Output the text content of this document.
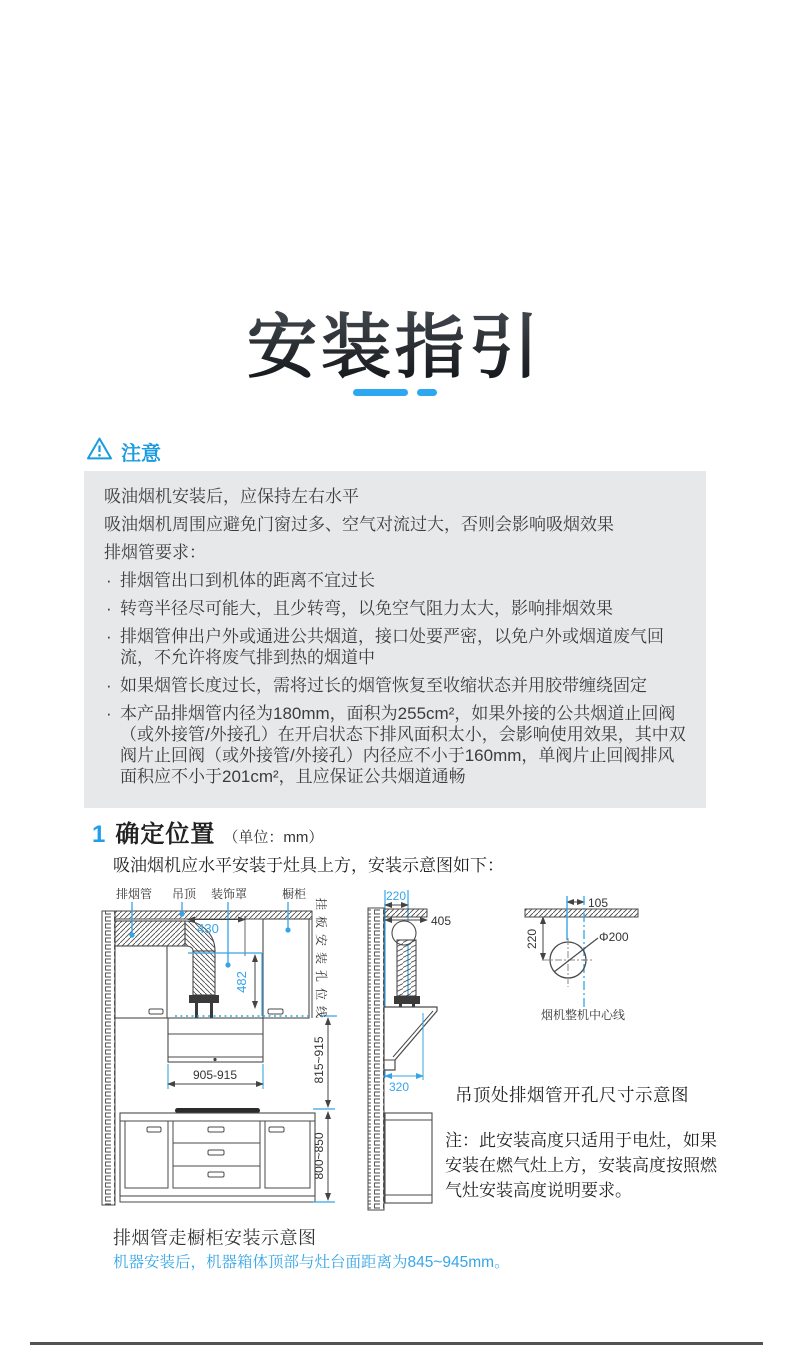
安装指引
注意

吸油烟机安装后，应保持左右水平

吸油烟机周围应避免门窗过多、空气对流过大，否则会影响吸烟效果

排烟管要求：

· 排烟管出口到机体的距离不宜过长

· 转弯半径尽可能大，且少转弯，以免空气阻力太大，影响排烟效果

· 排烟管伸出户外或通进公共烟道，接口处要严密，以免户外或烟道废气回流，不允许将废气排到热的烟道中

· 如果烟管长度过长，需将过长的烟管恢复至收缩状态并用胶带缠绕固定

· 本产品排烟管内径为180mm，面积为255cm²，如果外接的公共烟道止回阀（或外接管/外接孔）在开启状态下排风面积太小，会影响使用效果，其中双阀片止回阀（或外接管/外接孔）内径应不小于160mm，单阀片止回阀排风面积应不小于201cm²，且应保证公共烟道通畅

1 确定位置 （单位：mm）
吸油烟机应水平安装于灶具上方，安装示意图如下：
排烟管 吊顶 装饰罩	橱柜
430
482
905-915	815~915
800~850
挂板安装孔位线
220
405
320
105
220	Φ200
烟机整机中心线
吊顶处排烟管开孔尺寸示意图
注：此安装高度只适用于电灶，如果安装在燃气灶上方，安装高度按照燃气灶安装高度说明要求。
排烟管走橱柜安装示意图
机器安装后，机器箱体顶部与灶台面距离为845~945mm。
